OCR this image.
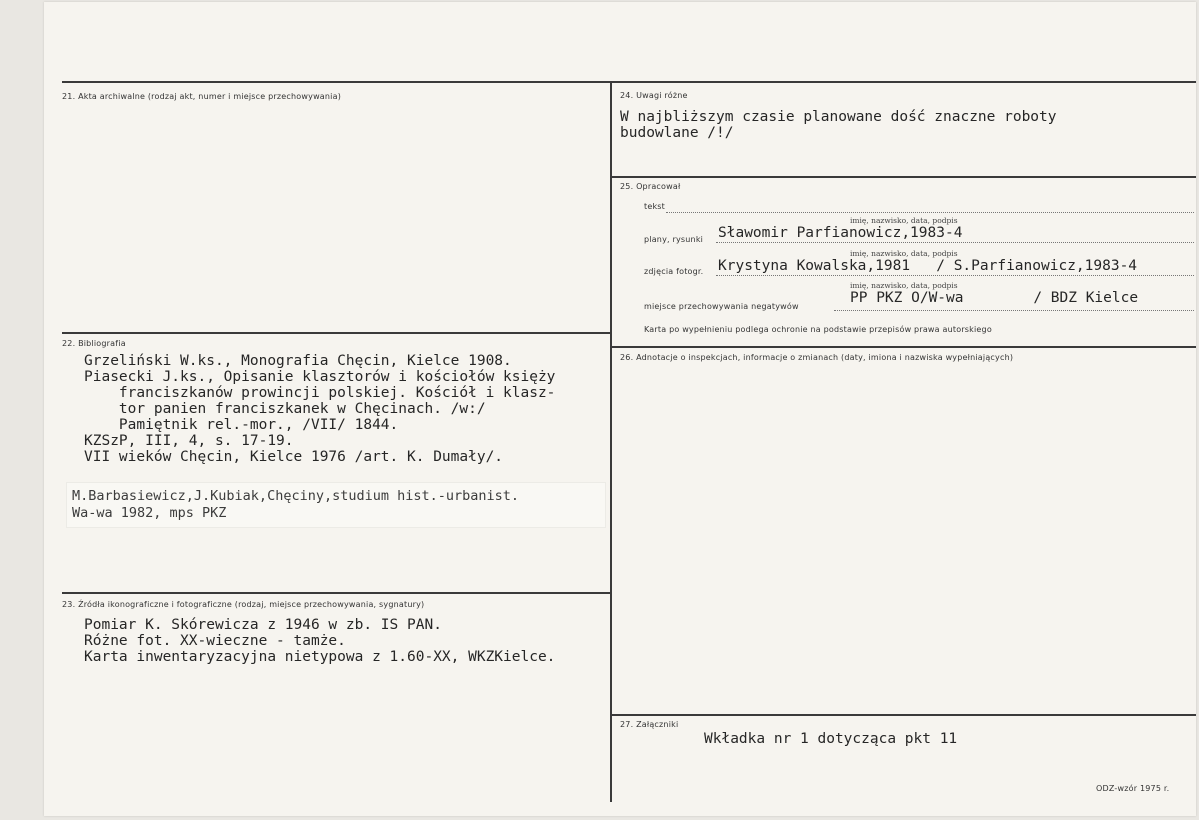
21. Akta archiwalne (rodzaj akt, numer i miejsce przechowywania)
22. Bibliografia
Grzeliński W.ks., Monografia Chęcin, Kielce 1908.
Piasecki J.ks., Opisanie klasztorów i kościołów księży
franciszkanów prowincji polskiej. Kościół i klasz-
tor panien franciszkanek w Chęcinach. /w:/
Pamiętnik rel.-mor., /VII/ 1844.
KZSzP, III, 4, s. 17-19.
VII wieków Chęcin, Kielce 1976 /art. K. Dumały/.
M.Barbasiewicz,J.Kubiak,Chęciny,studium hist.-urbanist.
Wa-wa 1982, mps PKZ
23. Źródła ikonograficzne i fotograficzne (rodzaj, miejsce przechowywania, sygnatury)
Pomiar K. Skórewicza z 1946 w zb. IS PAN.
Różne fot. XX-wieczne - tamże.
Karta inwentaryzacyjna nietypowa z 1.60-XX, WKZKielce.
24. Uwagi różne
W najbliższym czasie planowane dość znaczne roboty
budowlane /!/
25. Opracował
tekst
imię, nazwisko, data, podpis
plany, rysunki Sławomir Parfianowicz,1983-4
imię, nazwisko, data, podpis
zdjęcia fotogr. Krystyna Kowalska,1981   / S.Parfianowicz,1983-4
imię, nazwisko, data, podpis
miejsce przechowywania negatywów
PP PKZ O/W-wa        / BDZ Kielce
Karta po wypełnieniu podlega ochronie na podstawie przepisów prawa autorskiego
26. Adnotacje o inspekcjach, informacje o zmianach (daty, imiona i nazwiska wypełniających)
27. Załączniki
Wkładka nr 1 dotycząca pkt 11
ODZ-wzór 1975 r.
